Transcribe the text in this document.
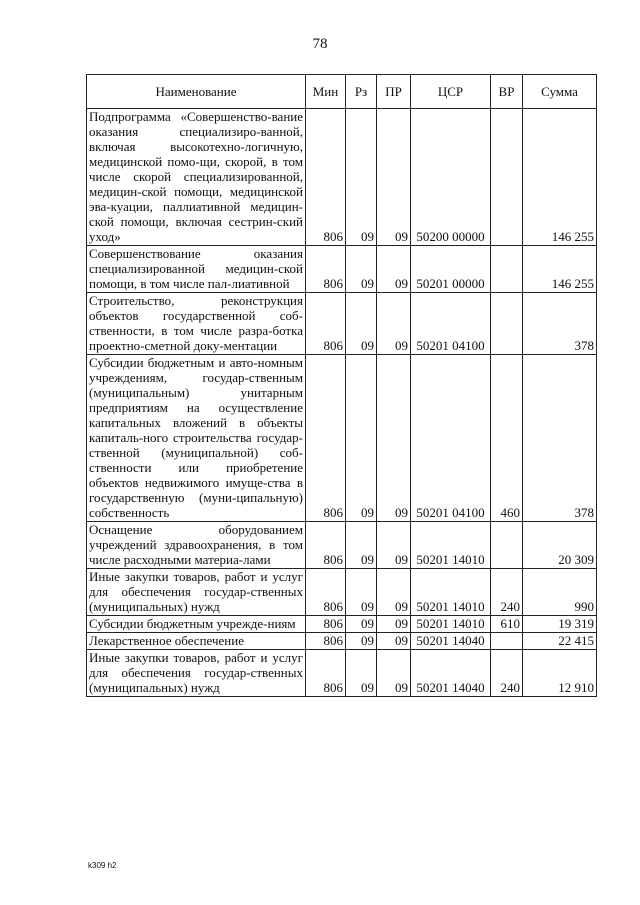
78
Наименование	Мин	Рз	ПР	ЦСР	ВР	Сумма
Подпрограмма «Совершенство-вание оказания специализиро-ванной, включая высокотехно-логичную, медицинской помо-щи, скорой, в том числе скорой специализированной, медицин-ской помощи, медицинской эва-куации, паллиативной медицин-ской помощи, включая сестрин-ский уход»	806	09	09	50200 00000		146 255
Совершенствование оказания специализированной медицин-ской помощи, в том числе пал-лиативной	806	09	09	50201 00000		146 255
Строительство, реконструкция объектов государственной соб-ственности, в том числе разра-ботка проектно-сметной доку-ментации	806	09	09	50201 04100		378
Субсидии бюджетным и авто-номным учреждениям, государ-ственным (муниципальным) унитарным предприятиям на осуществление капитальных вложений в объекты капиталь-ного строительства государ-ственной (муниципальной) соб-ственности или приобретение объектов недвижимого имуще-ства в государственную (муни-ципальную) собственность	806	09	09	50201 04100	460	378
Оснащение оборудованием учреждений здравоохранения, в том числе расходными материа-лами	806	09	09	50201 14010		20 309
Иные закупки товаров, работ и услуг для обеспечения государ-ственных (муниципальных) нужд	806	09	09	50201 14010	240	990
Субсидии бюджетным учрежде-ниям	806	09	09	50201 14010	610	19 319
Лекарственное обеспечение	806	09	09	50201 14040		22 415
Иные закупки товаров, работ и услуг для обеспечения государ-ственных (муниципальных) нужд	806	09	09	50201 14040	240	12 910
k309 h2
